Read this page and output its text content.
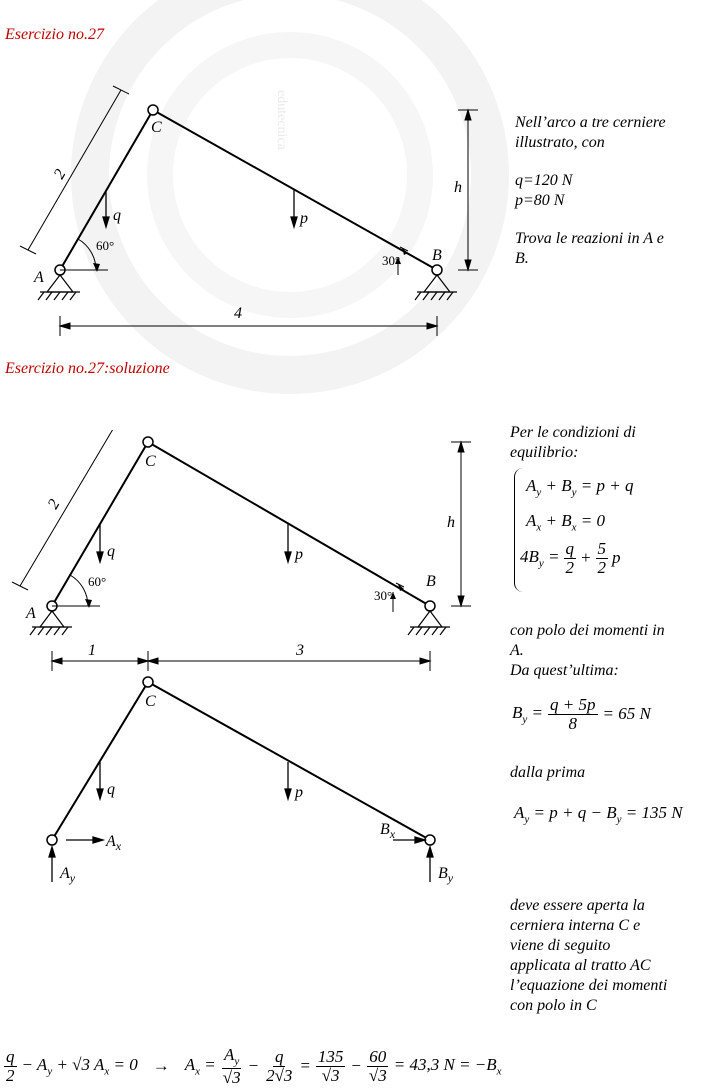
edutecnica
Esercizio no.27
A
C
B
q	p
h
2
4
60°
30°
Nell’arco a tre cerniere
illustrato, con
q=120 N
p=80 N
Trova le reazioni in A e
B.
Esercizio no.27:soluzione
A
C
B
q	p
h
2
1	3
60°
30°
C
q	p
$A_x$
$A_y$
$B_x$
$B_y$
Per le condizioni di
equilibrio:
$A_y + B_y = p + q$
$A_x + B_x = 0$
$4B_y = \frac{q}{2} + \frac{5}{2}$ p
con polo dei momenti in
A.
Da quest’ultima:
$B_y = \frac{q + 5p}{8} = 65$ N
dalla prima
$A_y = p + q - B_y = 135$ N
deve essere aperta la
cerniera interna C e
viene di seguito
applicata al tratto AC
l’equazione dei momenti
con polo in C
$\frac{q}{2} - A_y + √3$ $A_x = 0 \to A_x = \frac{A_y}{√3} - \frac{q}{2√3} = \frac{135}{√3} - \frac{60}{√3} = 43,3$ $N = -B_x$
